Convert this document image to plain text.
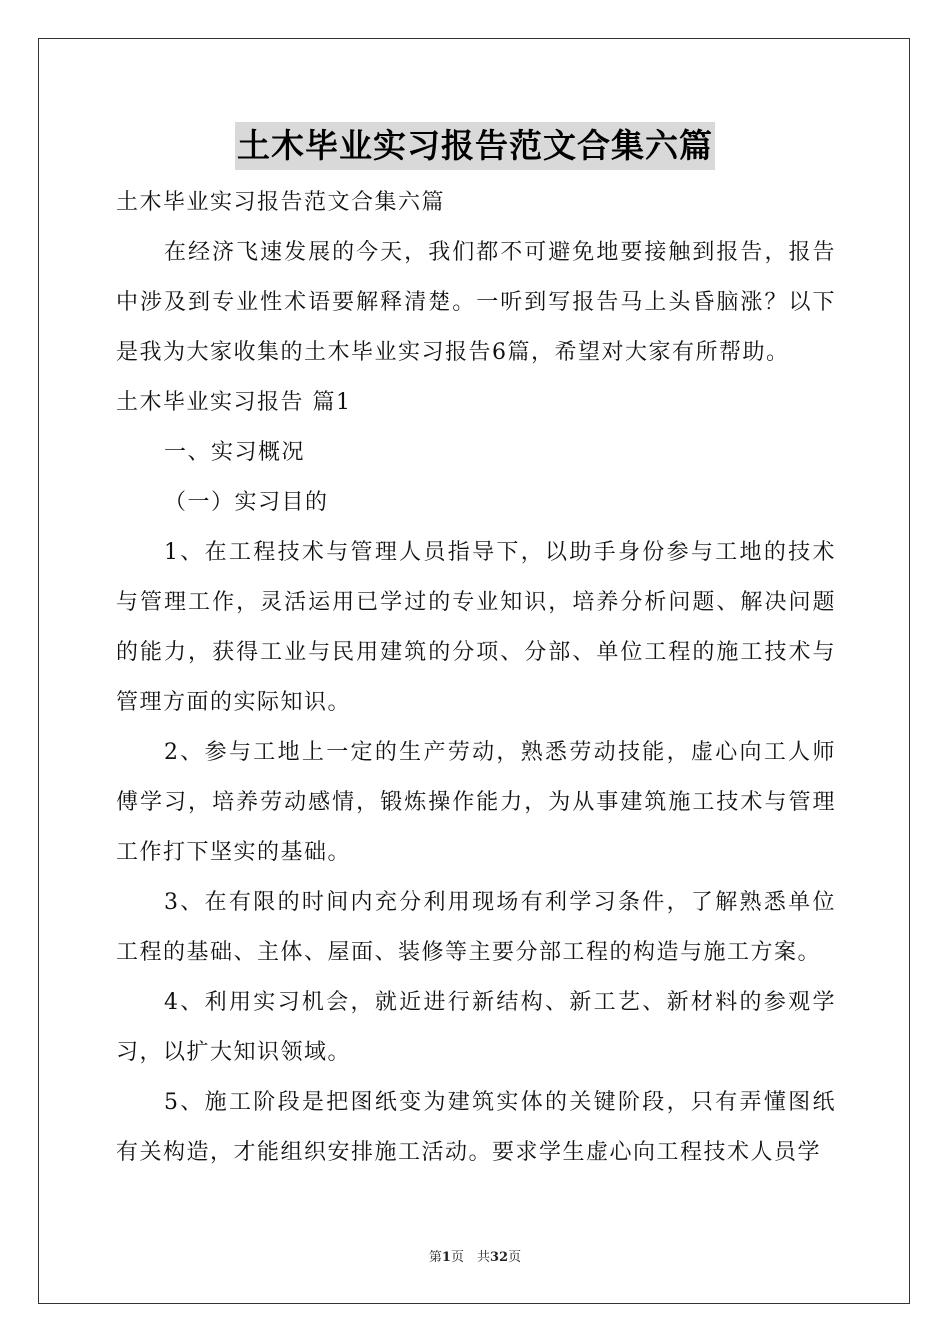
土木毕业实习报告范文合集六篇

土木毕业实习报告范文合集六篇

在经济飞速发展的今天，我们都不可避免地要接触到报告，报告中涉及到专业性术语要解释清楚。一听到写报告马上头昏脑涨？以下是我为大家收集的土木毕业实习报告6篇，希望对大家有所帮助。

土木毕业实习报告 篇1

一、实习概况

（一）实习目的

1、在工程技术与管理人员指导下，以助手身份参与工地的技术与管理工作，灵活运用已学过的专业知识，培养分析问题、解决问题的能力，获得工业与民用建筑的分项、分部、单位工程的施工技术与管理方面的实际知识。

2、参与工地上一定的生产劳动，熟悉劳动技能，虚心向工人师傅学习，培养劳动感情，锻炼操作能力，为从事建筑施工技术与管理工作打下坚实的基础。

3、在有限的时间内充分利用现场有利学习条件，了解熟悉单位工程的基础、主体、屋面、装修等主要分部工程的构造与施工方案。

4、利用实习机会，就近进行新结构、新工艺、新材料的参观学习，以扩大知识领域。

5、施工阶段是把图纸变为建筑实体的关键阶段，只有弄懂图纸有关构造，才能组织安排施工活动。要求学生虚心向工程技术人员学

第1页　共32页
